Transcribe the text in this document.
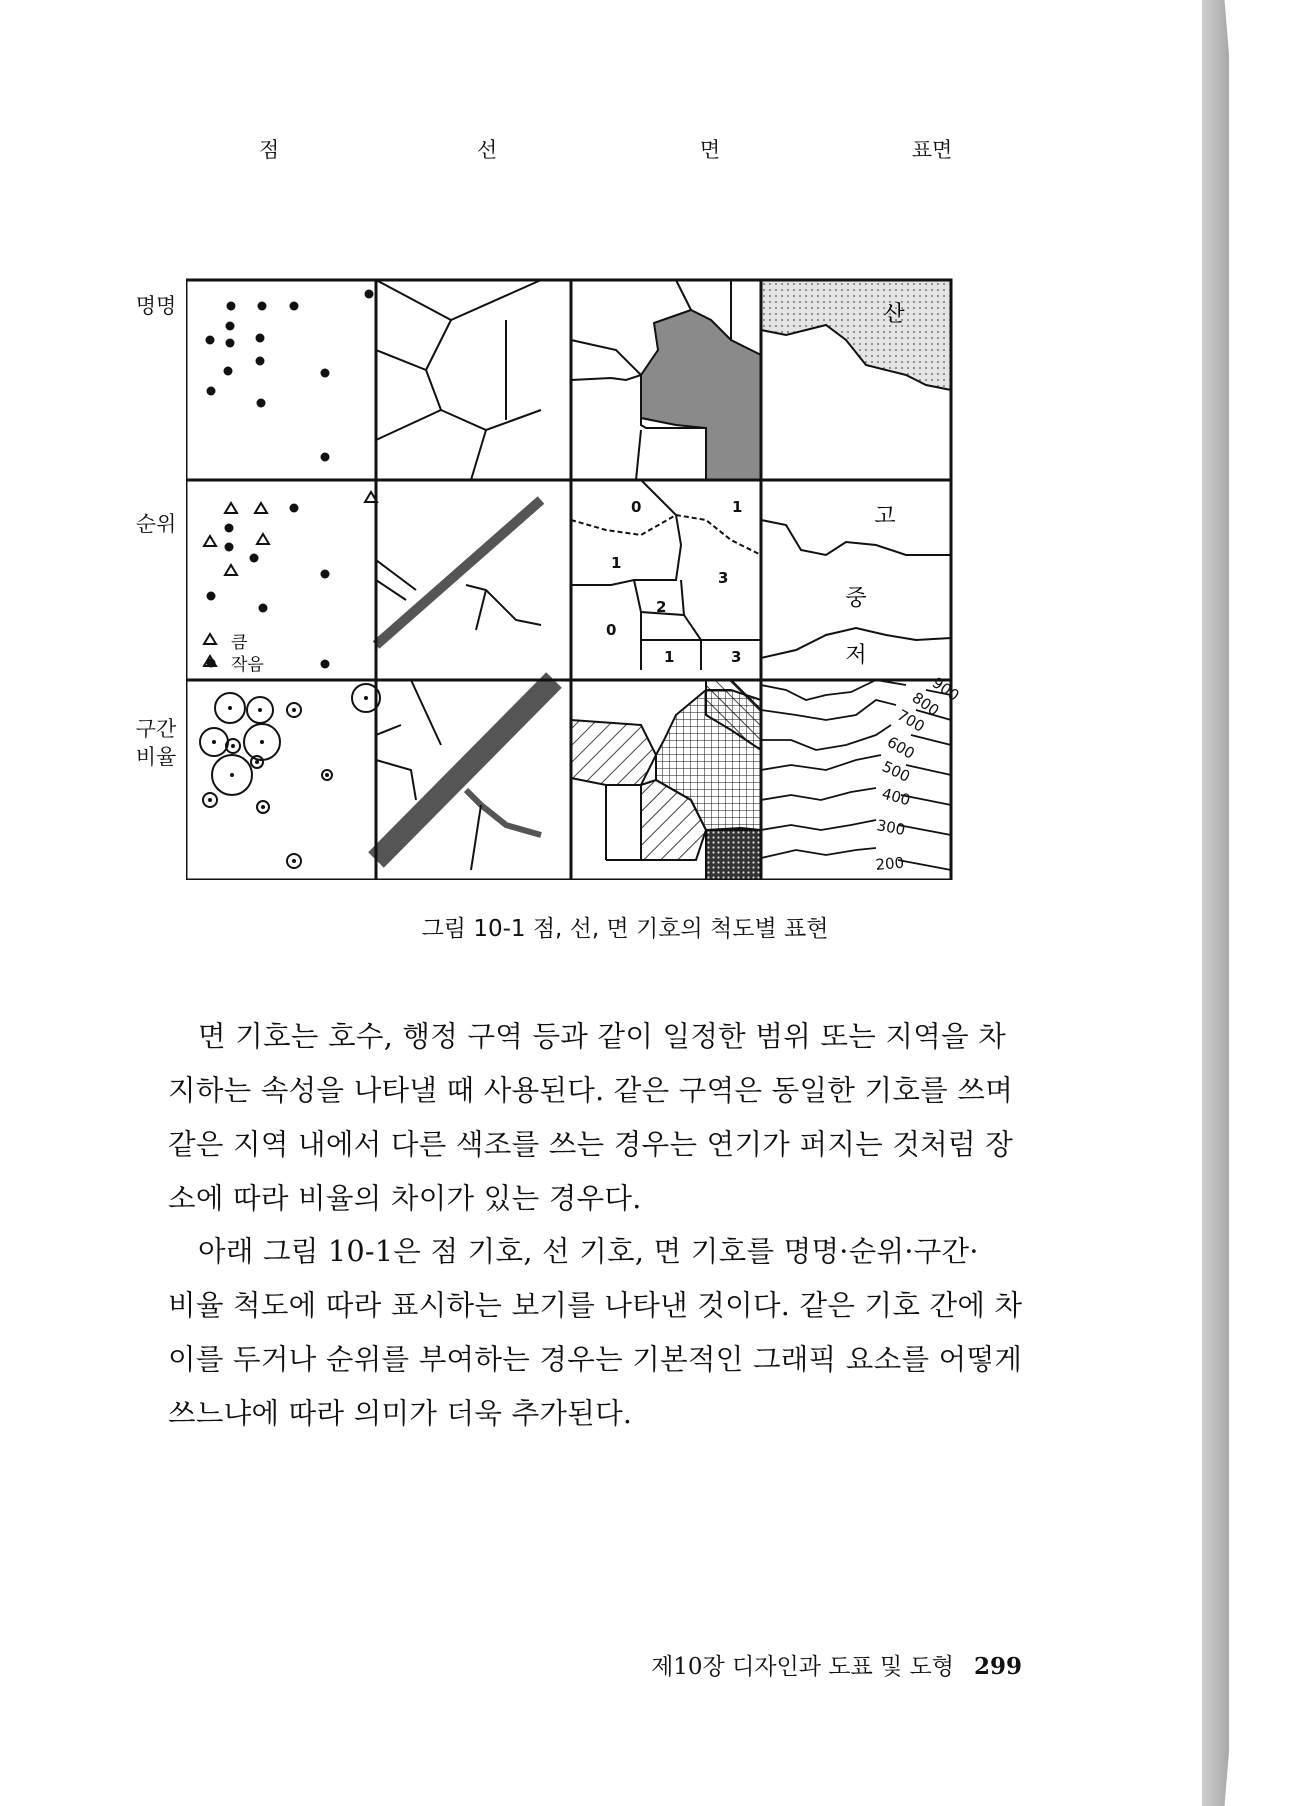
점	선	면	표면
명명
순위
구간
비율
산
큼
작음
0	1
1
3
2
0
1	3
고
중
저
900
800
700
600
500
400
300
200
그림 10-1 점, 선, 면 기호의 척도별 표현
면 기호는 호수, 행정 구역 등과 같이 일정한 범위 또는 지역을 차
지하는 속성을 나타낼 때 사용된다. 같은 구역은 동일한 기호를 쓰며
같은 지역 내에서 다른 색조를 쓰는 경우는 연기가 퍼지는 것처럼 장
소에 따라 비율의 차이가 있는 경우다.
아래 그림 10-1은 점 기호, 선 기호, 면 기호를 명명·순위·구간·
비율 척도에 따라 표시하는 보기를 나타낸 것이다. 같은 기호 간에 차
이를 두거나 순위를 부여하는 경우는 기본적인 그래픽 요소를 어떻게
쓰느냐에 따라 의미가 더욱 추가된다.
제10장 디자인과 도표 및 도형 299
